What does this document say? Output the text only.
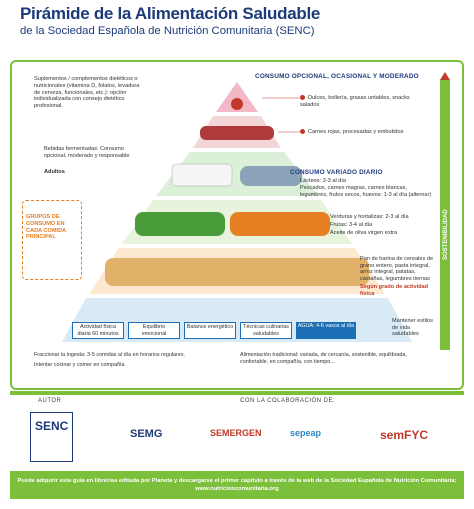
Pirámide de la Alimentación Saludable
de la Sociedad Española de Nutrición Comunitaria (SENC)
SOSTENIBILIDAD
CONSUMO OPCIONAL, OCASIONAL Y MODERADO
Dulces, bollería, grasas untables, snacks salados
Carnes rojas, procesadas y embutidos
CONSUMO VARIADO DIARIO
Lácteos: 2-3 al día
Pescados, carnes magras, carnes blancas, legumbres, frutos secos, huevos: 1-3 al día (alternar)
Verduras y hortalizas: 2-3 al día
Frutas: 3-4 al día
Aceite de oliva virgen extra
Pan de harina de cereales de grano entero, pasta integral, arroz integral, patatas, castañas, legumbres tiernas
Según grado de actividad física
Mantener estilos de vida saludables
Suplementos / complementos dietéticos o nutricionales (vitamina D, folatos, levadura de cerveza, funcionales, etc.): opción individualizada con consejo dietético profesional.
Bebidas fermentadas: Consumo opcional, moderado y responsable
Adultos
GRUPOS DE CONSUMO EN CADA COMIDA PRINCIPAL
Actividad física diaria 60 minutos
Equilibrio emocional
Balance energético	Técnicas culinarias saludables
AGUA: 4-6 vasos al día
Fraccionar la ingesta: 3-5 comidas al día en horarios regulares.
Intentar cocinar y comer en compañía
Alimentación tradicional: variada, de cercanía, sostenible, equilibrada, confortable, en compañía, con tiempo...
AUTOR	CON LA COLABORACIÓN DE:
SENC
SEMG	SEMERGEN	sepeap	semFYC
Puede adquirir esta guía en librerías editada por Planeta y descargarse el primer capítulo a través de la web de la Sociedad Española de Nutrición Comunitaria: www.nutricioncomunitaria.org
